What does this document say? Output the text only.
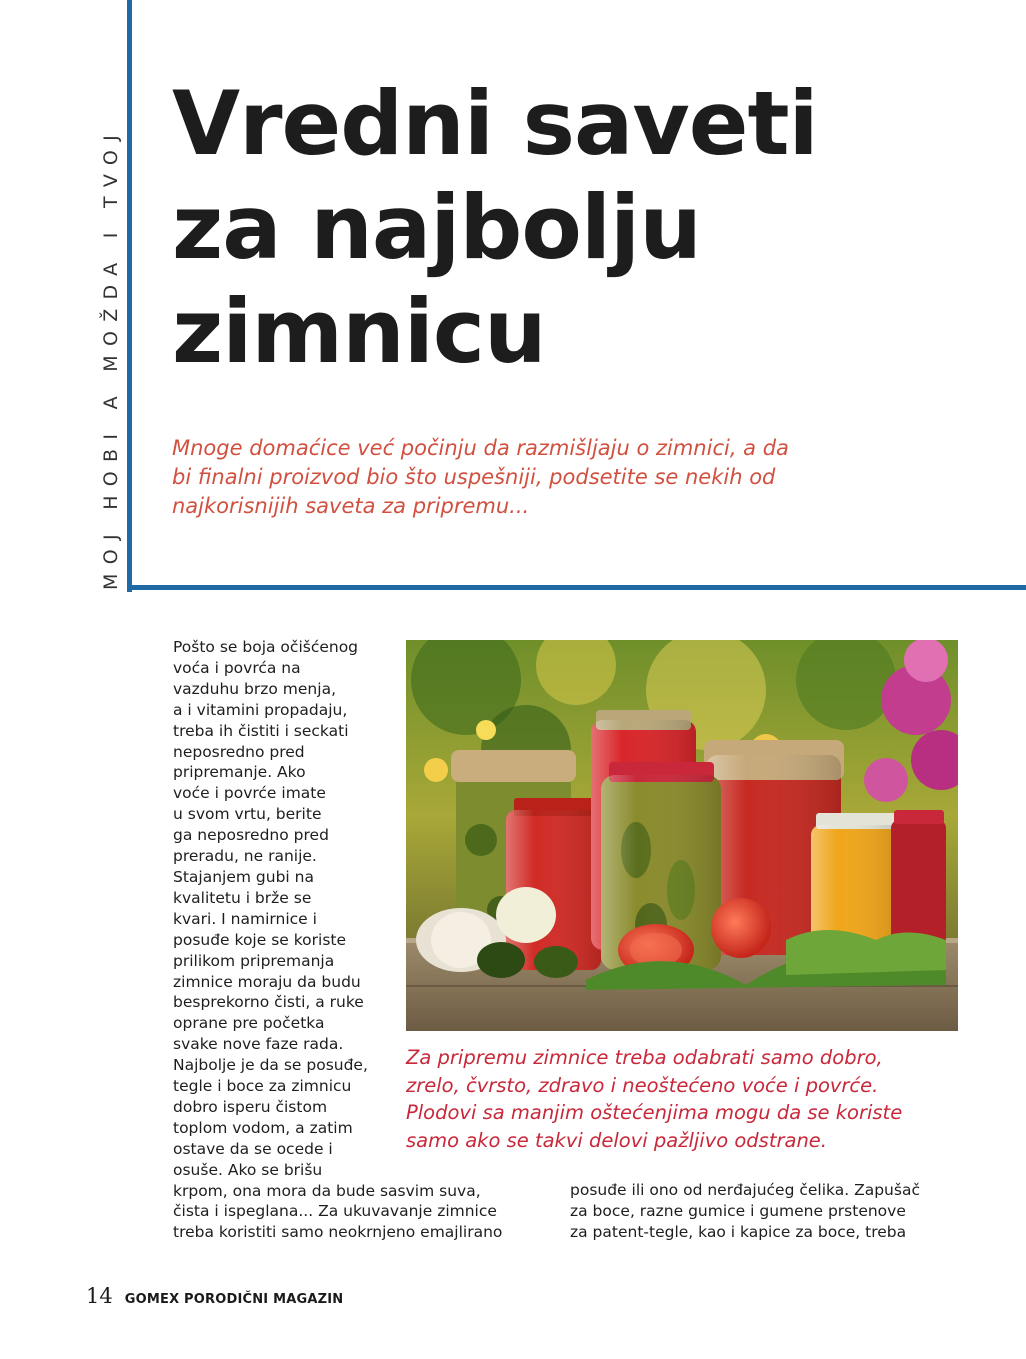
MOJ HOBI A MOŽDA I TVOJ
Vredni saveti
za najbolju
zimnicu

Mnoge domaćice već počinju da razmišljaju o zimnici, a da
bi finalni proizvod bio što uspešniji, podsetite se nekih od
najkorisnijih saveta za pripremu...

Pošto se boja očišćenog
voća i povrća na
vazduhu brzo menja,
a i vitamini propadaju,
treba ih čistiti i seckati
neposredno pred
pripremanje. Ako
voće i povrće imate
u svom vrtu, berite
ga neposredno pred
preradu, ne ranije.
Stajanjem gubi na
kvalitetu i brže se
kvari. I namirnice i
posuđe koje se koriste
prilikom pripremanja
zimnice moraju da budu
besprekorno čisti, a ruke
oprane pre početka
svake nove faze rada.
Najbolje je da se posuđe,
tegle i boce za zimnicu
dobro isperu čistom
toplom vodom, a zatim
ostave da se ocede i
osuše. Ako se brišu
krpom, ona mora da bude sasvim suva,
čista i ispeglana... Za ukuvavanje zimnice
treba koristiti samo neokrnjeno emajlirano
posuđe ili ono od nerđajućeg čelika. Zapušač
za boce, razne gumice i gumene prstenove
za patent-tegle, kao i kapice za boce, treba

Za pripremu zimnice treba odabrati samo dobro,
zrelo, čvrsto, zdravo i neoštećeno voće i povrće.
Plodovi sa manjim oštećenjima mogu da se koriste
samo ako se takvi delovi pažljivo odstrane.

14 GOMEX PORODIČNI MAGAZIN
